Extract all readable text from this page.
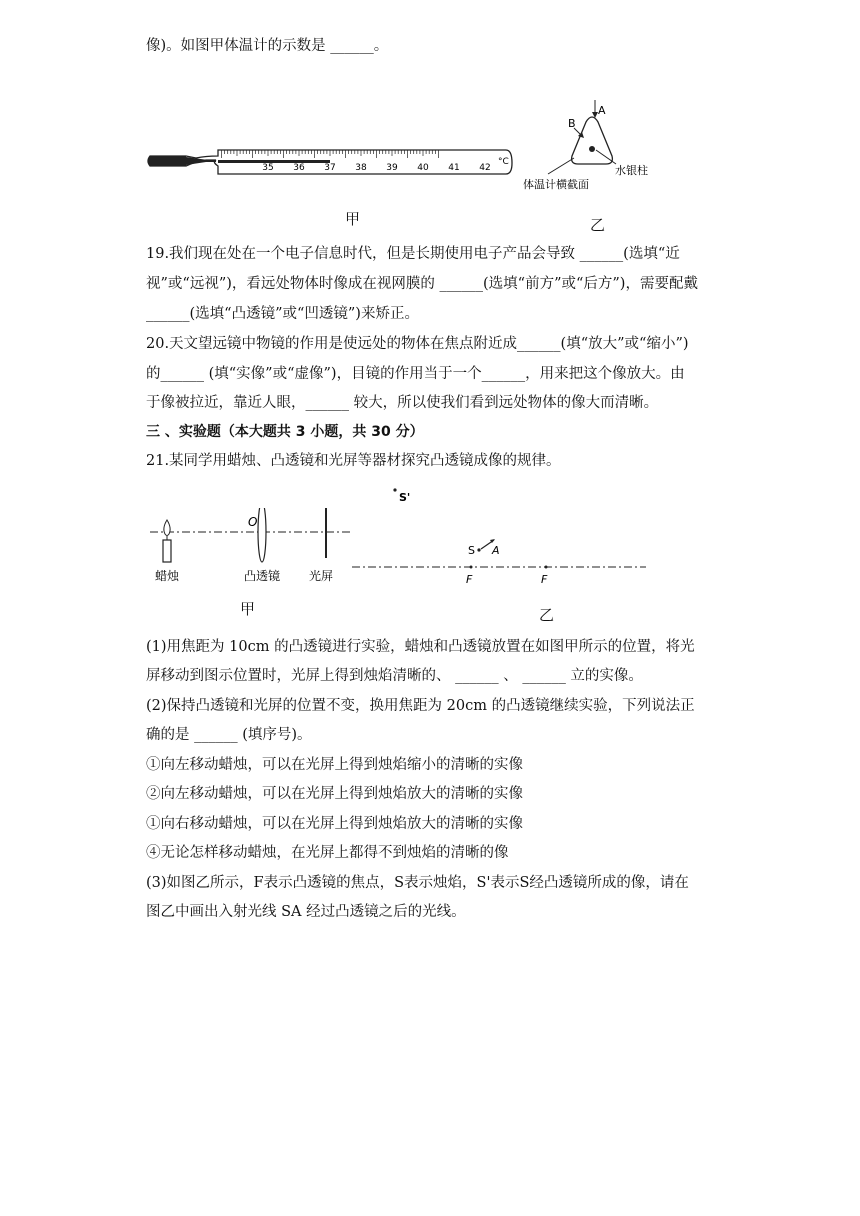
像)。如图甲体温计的示数是 ______。
35 36 37 38 39 40 41 42
°C
甲
A
B
体温计横截面
水银柱
乙
19.我们现在处在一个电子信息时代，但是长期使用电子产品会导致 ______(选填“近
视”或“远视”)，看远处物体时像成在视网膜的 ______(选填“前方”或“后方”)，需要配戴
______(选填“凸透镜”或“凹透镜”)来矫正。
20.天文望远镜中物镜的作用是使远处的物体在焦点附近成______(填“放大”或“缩小”)
的______ (填“实像”或“虚像”)，目镜的作用当于一个______，用来把这个像放大。由
于像被拉近，靠近人眼，______ 较大，所以使我们看到远处物体的像大而清晰。
三 、实验题（本大题共 3 小题，共 30 分）
21.某同学用蜡烛、凸透镜和光屏等器材探究凸透镜成像的规律。
O
蜡烛	凸透镜 光屏
甲
S'
S A
F	F
乙
(1)用焦距为 10cm 的凸透镜进行实验，蜡烛和凸透镜放置在如图甲所示的位置，将光
屏移动到图示位置时，光屏上得到烛焰清晰的、 ______ 、 ______ 立的实像。
(2)保持凸透镜和光屏的位置不变，换用焦距为 20cm 的凸透镜继续实验，下列说法正
确的是 ______ (填序号)。
①向左移动蜡烛，可以在光屏上得到烛焰缩小的清晰的实像
②向左移动蜡烛，可以在光屏上得到烛焰放大的清晰的实像
①向右移动蜡烛，可以在光屏上得到烛焰放大的清晰的实像
④无论怎样移动蜡烛，在光屏上都得不到烛焰的清晰的像
(3)如图乙所示，F表示凸透镜的焦点，S表示烛焰，S'表示S经凸透镜所成的像，请在
图乙中画出入射光线 SA 经过凸透镜之后的光线。
